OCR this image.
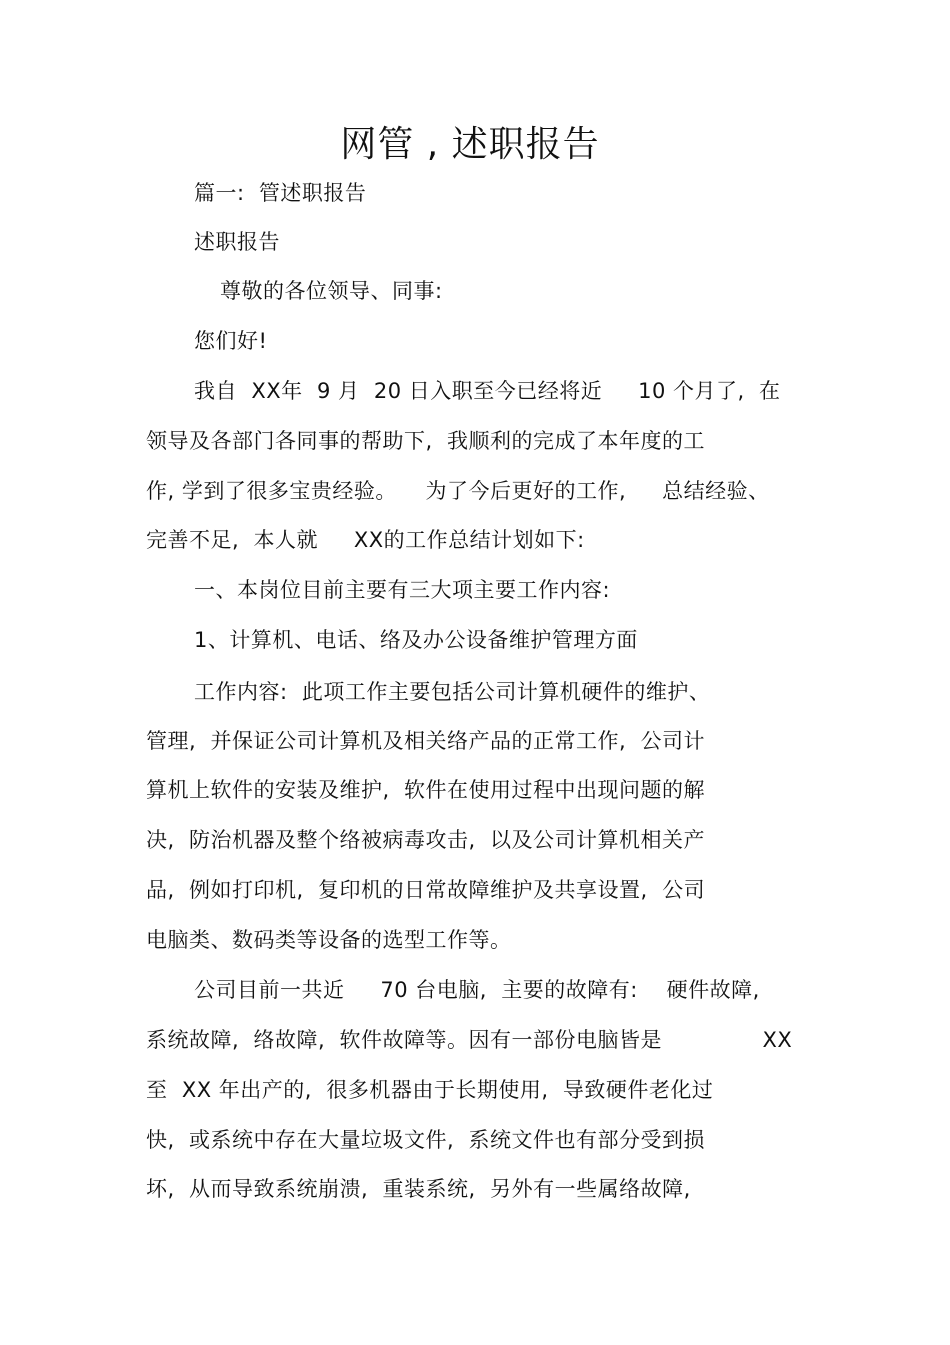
网管 , 述职报告
篇一:  管述职报告
述职报告
尊敬的各位领导、同事:
您们好!
我自  XX年  9 月  20 日入职至今已经将近     10 个月了,  在
领导及各部门各同事的帮助下,  我顺利的完成了本年度的工
作, 学到了很多宝贵经验。    为了今后更好的工作,     总结经验、
完善不足,  本人就     XX的工作总结计划如下:
一、本岗位目前主要有三大项主要工作内容:
1、计算机、电话、络及办公设备维护管理方面
工作内容:  此项工作主要包括公司计算机硬件的维护、
管理,  并保证公司计算机及相关络产品的正常工作,  公司计
算机上软件的安装及维护,  软件在使用过程中出现问题的解
决,  防治机器及整个络被病毒攻击,  以及公司计算机相关产
品,  例如打印机,  复印机的日常故障维护及共享设置,  公司
电脑类、数码类等设备的选型工作等。
公司目前一共近     70 台电脑,  主要的故障有:    硬件故障,
系统故障,  络故障,  软件故障等。因有一部份电脑皆是              XX
至  XX 年出产的,  很多机器由于长期使用,  导致硬件老化过
快,  或系统中存在大量垃圾文件,  系统文件也有部分受到损
坏,  从而导致系统崩溃,  重装系统,  另外有一些属络故障,
